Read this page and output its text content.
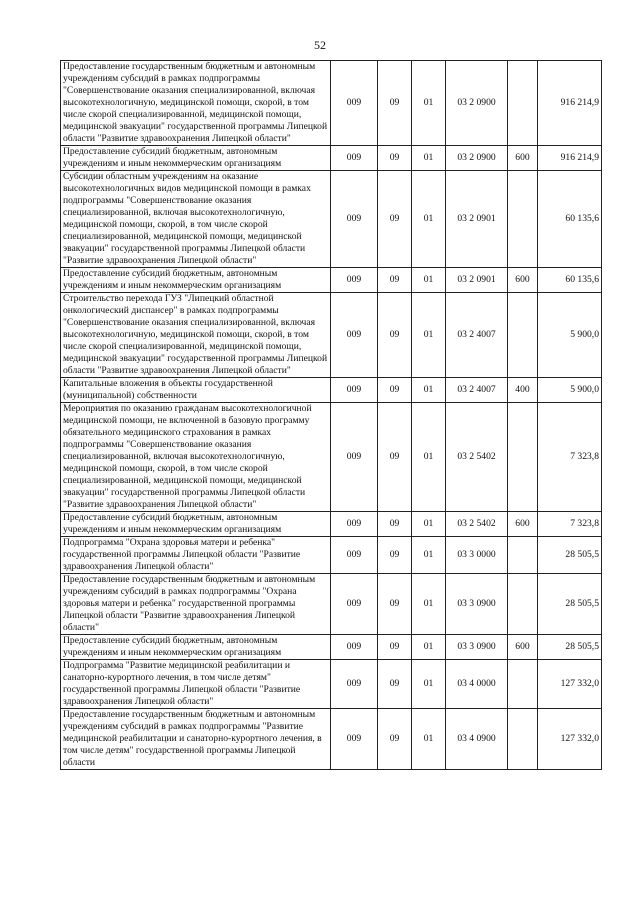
52
Предоставление государственным бюджетным и автономным учреждениям субсидий в рамках подпрограммы "Совершенствование оказания специализированной, включая высокотехнологичную, медицинской помощи, скорой, в том числе скорой специализированной, медицинской помощи, медицинской эвакуации" государственной программы Липецкой области "Развитие здравоохранения Липецкой области"	009	09	01	03 2 0900		916 214,9
Предоставление субсидий бюджетным, автономным учреждениям и иным некоммерческим организациям	009	09	01	03 2 0900	600	916 214,9
Субсидии областным учреждениям на оказание высокотехнологичных видов медицинской помощи в рамках подпрограммы "Совершенствование оказания специализированной, включая высокотехнологичную, медицинской помощи, скорой, в том числе скорой специализированной, медицинской помощи, медицинской эвакуации" государственной программы Липецкой области "Развитие здравоохранения Липецкой области"	009	09	01	03 2 0901		60 135,6
Предоставление субсидий бюджетным, автономным учреждениям и иным некоммерческим организациям	009	09	01	03 2 0901	600	60 135,6
Строительство перехода ГУЗ "Липецкий областной онкологический диспансер" в рамках подпрограммы "Совершенствование оказания специализированной, включая высокотехнологичную, медицинской помощи, скорой, в том числе скорой специализированной, медицинской помощи, медицинской эвакуации" государственной программы Липецкой области "Развитие здравоохранения Липецкой области"	009	09	01	03 2 4007		5 900,0
Капитальные вложения в объекты государственной (муниципальной) собственности	009	09	01	03 2 4007	400	5 900,0
Мероприятия по оказанию гражданам высокотехнологичной медицинской помощи, не включенной в базовую программу обязательного медицинского страхования в рамках подпрограммы "Совершенствование оказания специализированной, включая высокотехнологичную, медицинской помощи, скорой, в том числе скорой специализированной, медицинской помощи, медицинской эвакуации" государственной программы Липецкой области "Развитие здравоохранения Липецкой области"	009	09	01	03 2 5402		7 323,8
Предоставление субсидий бюджетным, автономным учреждениям и иным некоммерческим организациям	009	09	01	03 2 5402	600	7 323,8
Подпрограмма "Охрана здоровья матери и ребенка" государственной программы Липецкой области "Развитие здравоохранения Липецкой области"	009	09	01	03 3 0000		28 505,5
Предоставление государственным бюджетным и автономным учреждениям субсидий в рамках подпрограммы "Охрана здоровья матери и ребенка" государственной программы Липецкой области "Развитие здравоохранения Липецкой области"	009	09	01	03 3 0900		28 505,5
Предоставление субсидий бюджетным, автономным учреждениям и иным некоммерческим организациям	009	09	01	03 3 0900	600	28 505,5
Подпрограмма "Развитие медицинской реабилитации и санаторно-курортного лечения, в том числе детям" государственной программы Липецкой области "Развитие здравоохранения Липецкой области"	009	09	01	03 4 0000		127 332,0
Предоставление государственным бюджетным и автономным учреждениям субсидий в рамках подпрограммы "Развитие медицинской реабилитации и санаторно-курортного лечения, в том числе детям" государственной программы Липецкой области	009	09	01	03 4 0900		127 332,0
